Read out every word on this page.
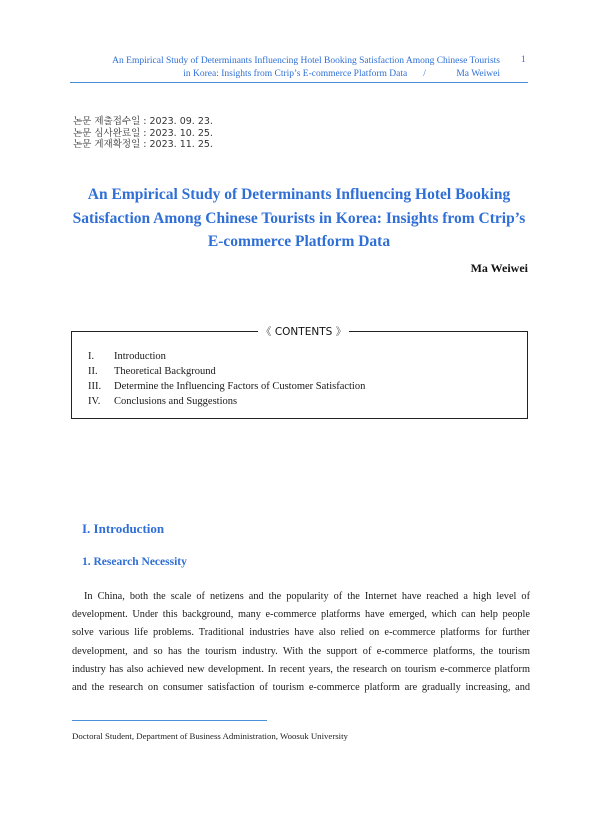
An Empirical Study of Determinants Influencing Hotel Booking Satisfaction Among Chinese Tourists
in Korea: Insights from Ctrip’s E-commerce Platform Data /	Ma Weiwei
1
논문 제출접수일 : 2023. 09. 23.
논문 심사완료일 : 2023. 10. 25.
논문 게재확정일 : 2023. 11. 25.
An Empirical Study of Determinants Influencing Hotel Booking
Satisfaction Among Chinese Tourists in Korea: Insights from Ctrip’s
E-commerce Platform Data
Ma Weiwei
《 CONTENTS 》
I. Introduction
II. Theoretical Background
III. Determine the Influencing Factors of Customer Satisfaction
IV. Conclusions and Suggestions
I. Introduction
1. Research Necessity
In China, both the scale of netizens and the popularity of the Internet have reached a high level of
development. Under this background, many e-commerce platforms have emerged, which can help people
solve various life problems. Traditional industries have also relied on e-commerce platforms for further
development, and so has the tourism industry. With the support of e-commerce platforms, the tourism
industry has also achieved new development. In recent years, the research on tourism e-commerce platform
and the research on consumer satisfaction of tourism e-commerce platform are gradually increasing, and
Doctoral Student, Department of Business Administration, Woosuk University
